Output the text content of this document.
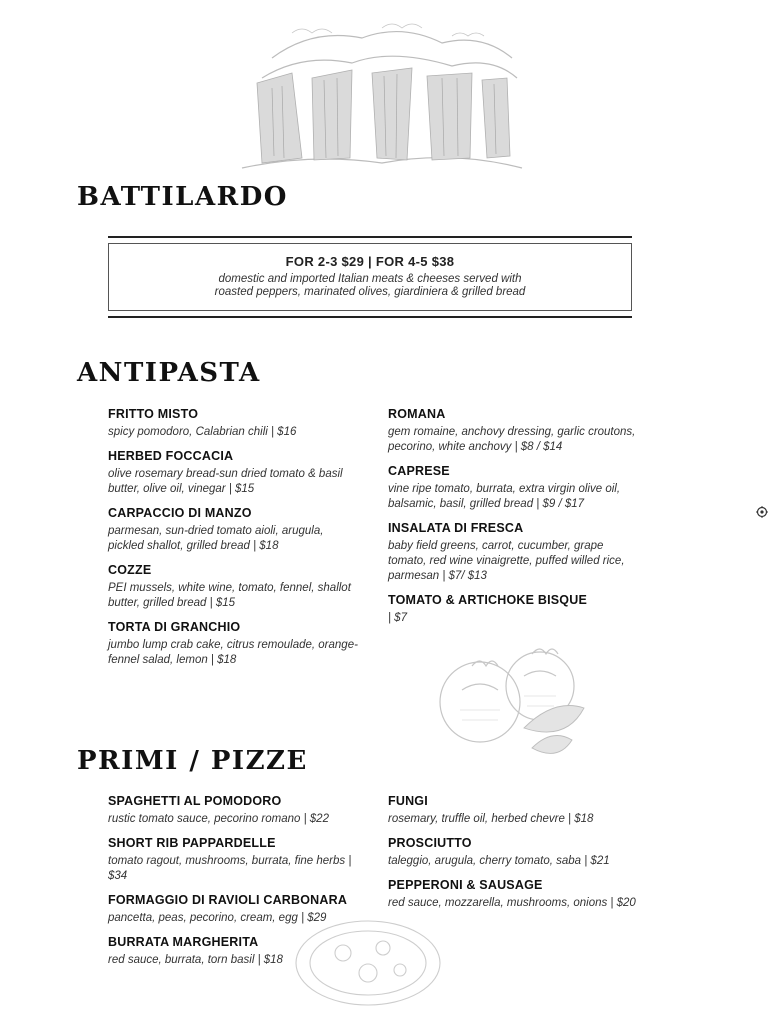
BATTILARDO

FOR 2-3 $29 | FOR 4-5 $38

domestic and imported Italian meats & cheeses served with

roasted peppers, marinated olives, giardiniera & grilled bread

ANTIPASTA

FRITTO MISTO

spicy pomodoro, Calabrian chili | $16

HERBED FOCCACIA

olive rosemary bread-sun dried tomato & basil butter, olive oil, vinegar | $15

CARPACCIO DI MANZO

parmesan, sun-dried tomato aioli, arugula, pickled shallot, grilled bread | $18

COZZE

PEI mussels, white wine, tomato, fennel, shallot butter, grilled bread | $15

TORTA DI GRANCHIO

jumbo lump crab cake, citrus remoulade, orange-fennel salad, lemon | $18

ROMANA

gem romaine, anchovy dressing, garlic croutons, pecorino, white anchovy | $8 / $14

CAPRESE

vine ripe tomato, burrata, extra virgin olive oil, balsamic, basil, grilled bread | $9 / $17

INSALATA DI FRESCA

baby field greens, carrot, cucumber, grape tomato, red wine vinaigrette, puffed willed rice, parmesan | $7/ $13

TOMATO & ARTICHOKE BISQUE

| $7

PRIMI / PIZZE

SPAGHETTI AL POMODORO

rustic tomato sauce, pecorino romano | $22

SHORT RIB PAPPARDELLE

tomato ragout, mushrooms, burrata, fine herbs | $34

FORMAGGIO DI RAVIOLI CARBONARA

pancetta, peas, pecorino, cream, egg | $29

BURRATA MARGHERITA

red sauce, burrata, torn basil | $18

FUNGI

rosemary, truffle oil, herbed chevre | $18

PROSCIUTTO

taleggio, arugula, cherry tomato, saba | $21

PEPPERONI & SAUSAGE

red sauce, mozzarella, mushrooms, onions | $20
